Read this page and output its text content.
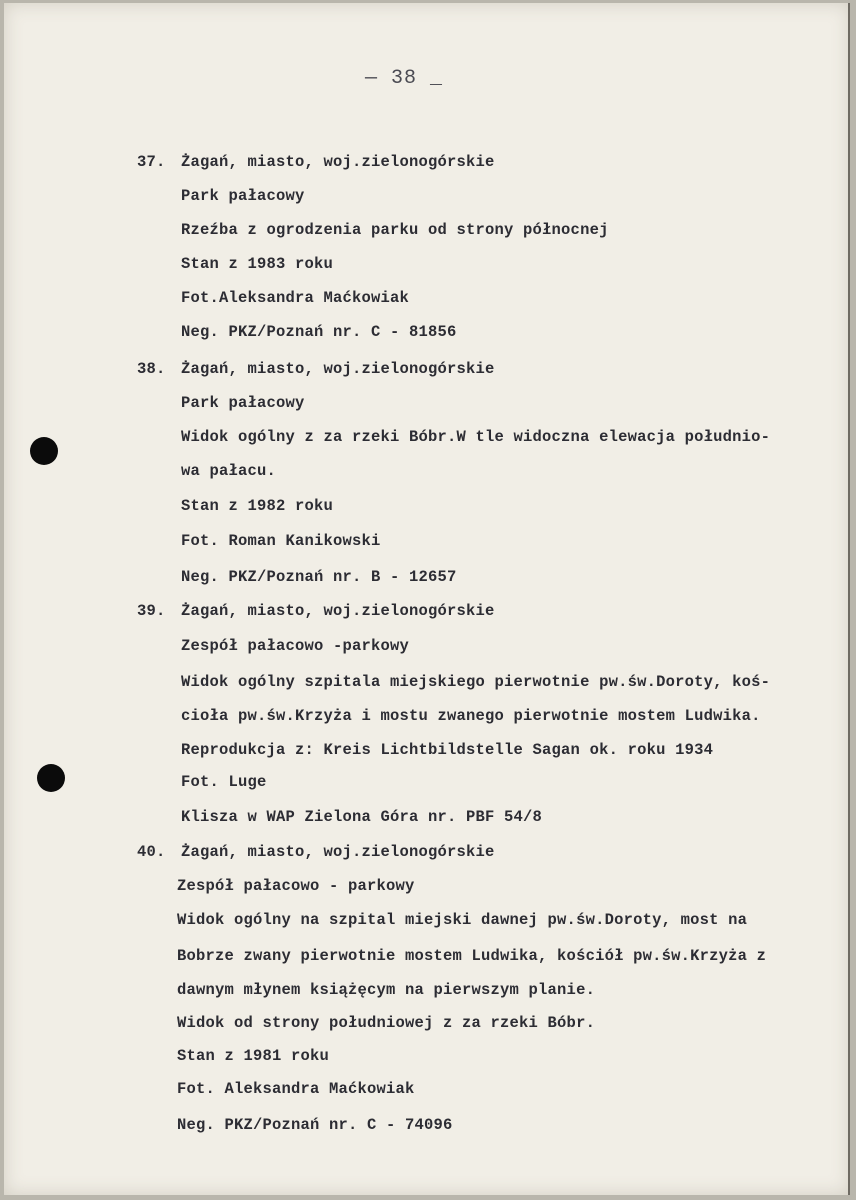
— 38 _
37. Żagań, miasto, woj.zielonogórskie
Park pałacowy
Rzeźba z ogrodzenia parku od strony północnej
Stan z 1983 roku
Fot.Aleksandra Maćkowiak
Neg. PKZ/Poznań nr. C - 81856
38. Żagań, miasto, woj.zielonogórskie
Park pałacowy
Widok ogólny z za rzeki Bóbr.W tle widoczna elewacja południo-
wa pałacu.
Stan z 1982 roku
Fot. Roman Kanikowski
Neg. PKZ/Poznań nr. B - 12657
39. Żagań, miasto, woj.zielonogórskie
Zespół pałacowo -parkowy
Widok ogólny szpitala miejskiego pierwotnie pw.św.Doroty, koś-
cioła pw.św.Krzyża i mostu zwanego pierwotnie mostem Ludwika.
Reprodukcja z: Kreis Lichtbildstelle Sagan ok. roku 1934
Fot. Luge
Klisza w WAP Zielona Góra nr. PBF 54/8
40. Żagań, miasto, woj.zielonogórskie
Zespół pałacowo - parkowy
Widok ogólny na szpital miejski dawnej pw.św.Doroty, most na
Bobrze zwany pierwotnie mostem Ludwika, kościół pw.św.Krzyża z
dawnym młynem książęcym na pierwszym planie.
Widok od strony południowej z za rzeki Bóbr.
Stan z 1981 roku
Fot. Aleksandra Maćkowiak
Neg. PKZ/Poznań nr. C - 74096
